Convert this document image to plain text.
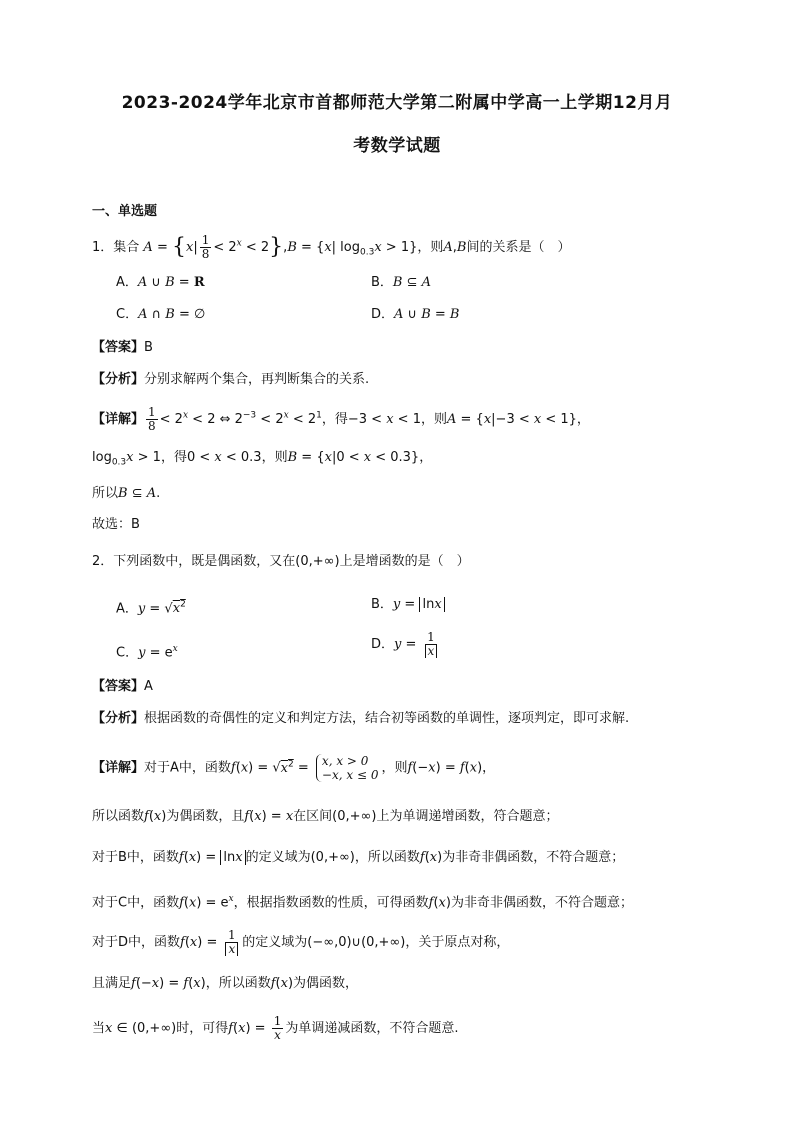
2023-2024学年北京市首都师范大学第二附属中学高一上学期12月月
考数学试题
一、单选题
1．集合 $A = \{x| \frac{1}{8} < 2^x < 2\},B = \{x|$ $\log_{0.3}x > 1$}，则A,B间的关系是（　）
A．A ∪ B = R	B．B ⊆ A
C．A ∩ B = ∅	D．A ∪ B = B
【答案】B
【分析】分别求解两个集合，再判断集合的关系.
【详解】 $\frac{1}{8} < 2^x < 2$ ⇔ $2^{-3} < 2^x < 2^1$，得−3 < x < 1，则A = {x|−3 < x < 1}，
$\log_{0.3}x > 1$，得0 < x < 0.3，则B = {x|0 < x < 0.3}，
所以B ⊆ A.
故选：B
2．下列函数中，既是偶函数，又在(0,+∞)上是增函数的是（　）
A．$y = √x^2$	B．y = lnx
C．$y = e^x$	D．$y = \frac{1}{x}$
【答案】A
【分析】根据函数的奇偶性的定义和判定方法，结合初等函数的单调性，逐项判定，即可求解.
【详解】对于A中，函数$f(x) = √x^2 = x$, x > 0
−x, x ≤ 0 ，则f(−x) = f(x)，
所以函数f(x)为偶函数，且f(x) = x在区间(0,+∞)上为单调递增函数，符合题意；
对于B中，函数f(x) = lnx 的定义域为(0,+∞)，所以函数f(x)为非奇非偶函数，不符合题意；
对于C中，函数$f(x) = e^x$，根据指数函数的性质，可得函数f(x)为非奇非偶函数，不符合题意；
对于D中，函数$f(x) = \frac{1}{x}$ 的定义域为(−∞,0)∪(0,+∞)，关于原点对称，
且满足f(−x) = f(x)，所以函数f(x)为偶函数，
当x ∈ (0,+∞)时，可得$f(x) = \frac{1}{x}$ 为单调递减函数，不符合题意.
